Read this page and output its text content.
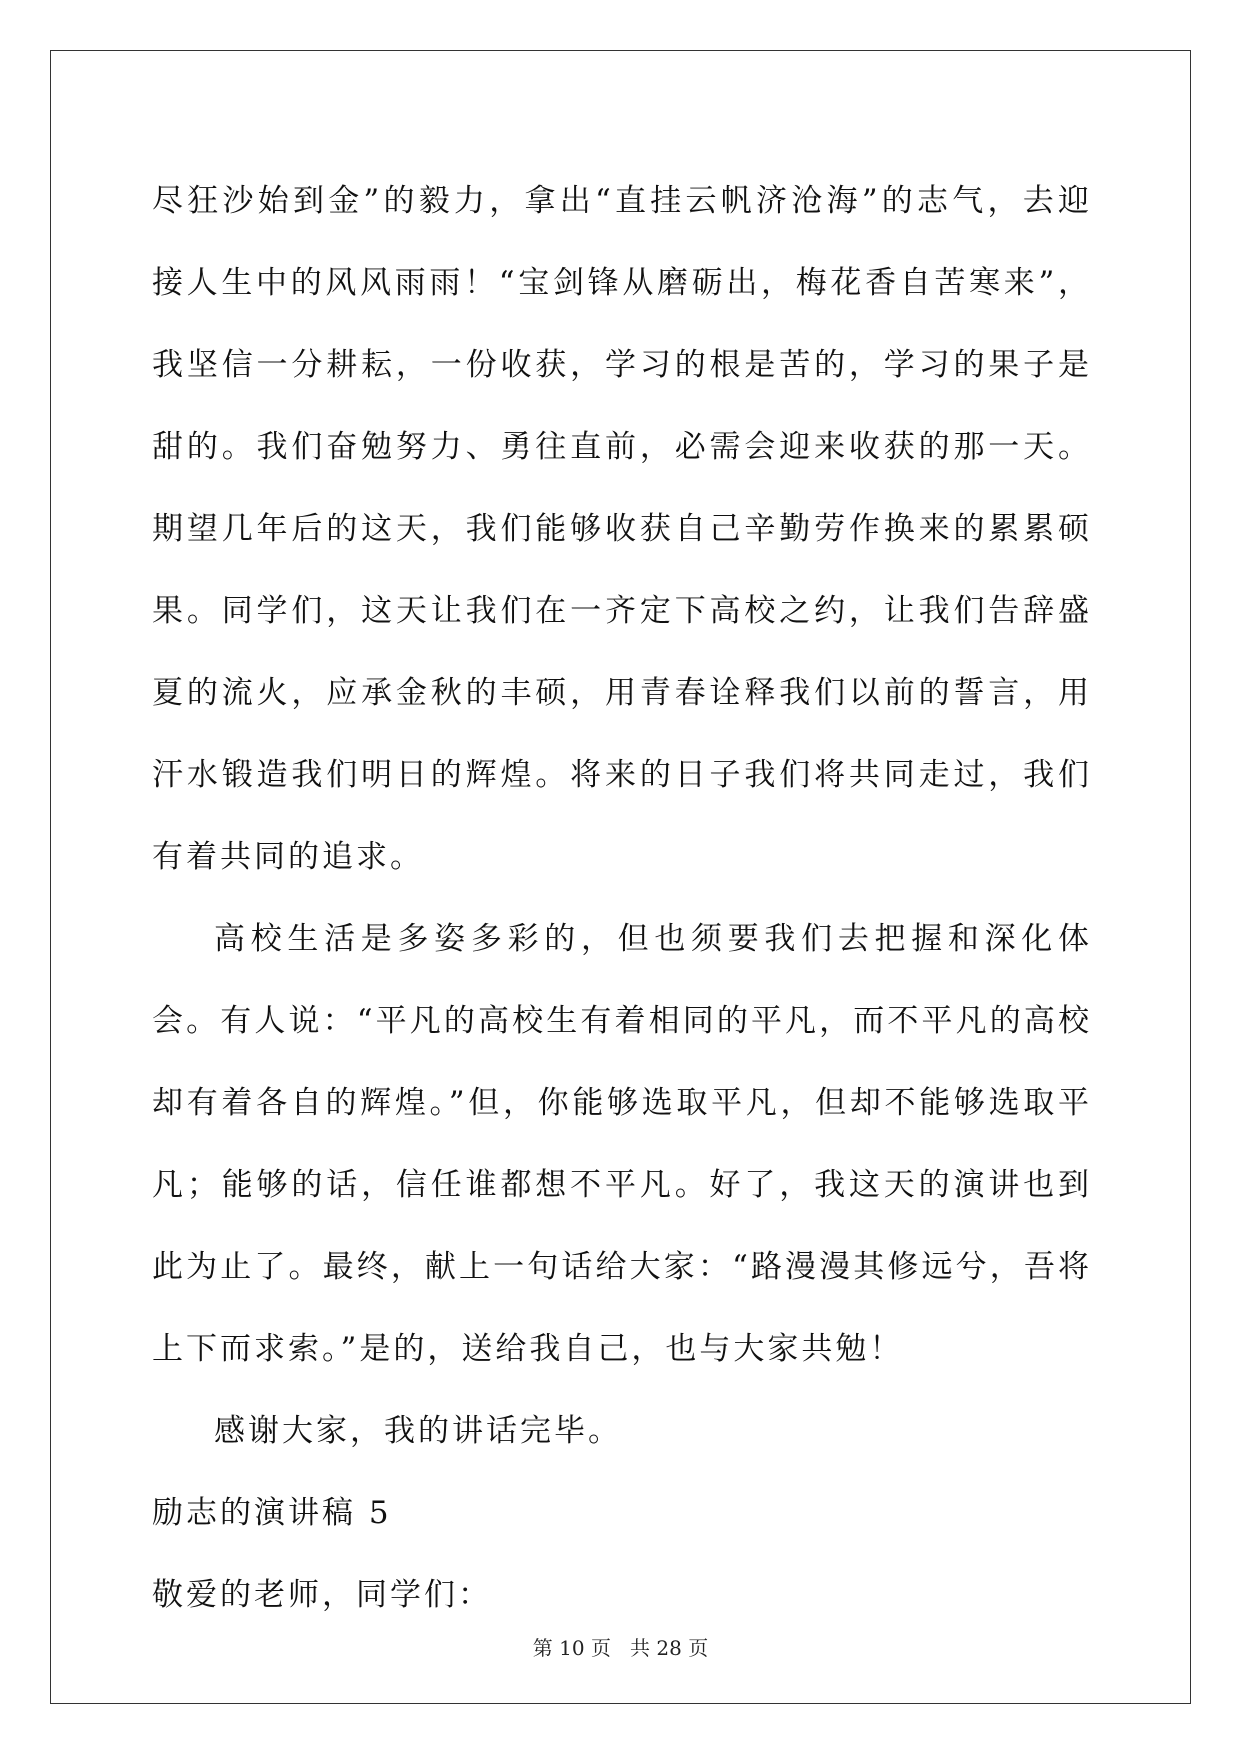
尽狂沙始到金”的毅力，拿出“直挂云帆济沧海”的志气，去迎接人生中的风风雨雨！“宝剑锋从磨砺出，梅花香自苦寒来”，我坚信一分耕耘，一份收获，学习的根是苦的，学习的果子是甜的。我们奋勉努力、勇往直前，必需会迎来收获的那一天。期望几年后的这天，我们能够收获自己辛勤劳作换来的累累硕果。同学们，这天让我们在一齐定下高校之约，让我们告辞盛夏的流火，应承金秋的丰硕，用青春诠释我们以前的誓言，用汗水锻造我们明日的辉煌。将来的日子我们将共同走过，我们有着共同的追求。

高校生活是多姿多彩的，但也须要我们去把握和深化体会。有人说：“平凡的高校生有着相同的平凡，而不平凡的高校却有着各自的辉煌。”但，你能够选取平凡，但却不能够选取平凡；能够的话，信任谁都想不平凡。好了，我这天的演讲也到此为止了。最终，献上一句话给大家：“路漫漫其修远兮，吾将上下而求索。”是的，送给我自己，也与大家共勉！

感谢大家，我的讲话完毕。

励志的演讲稿 5

敬爱的老师，同学们：

第 10 页 共 28 页
